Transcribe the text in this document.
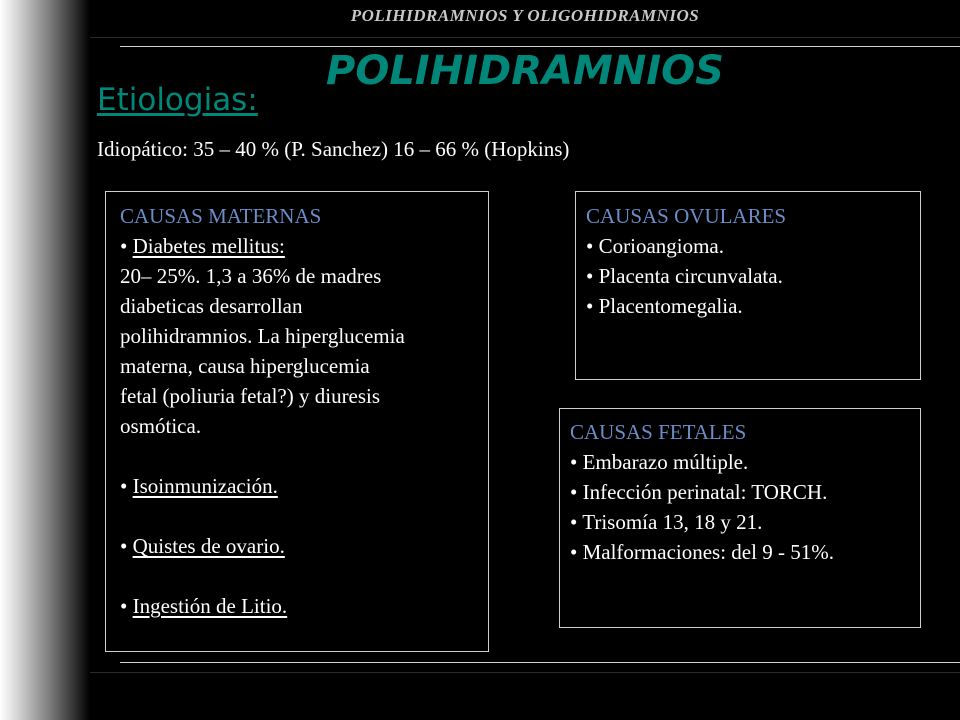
POLIHIDRAMNIOS Y OLIGOHIDRAMNIOS
POLIHIDRAMNIOS
Etiologias:
Idiopático: 35 – 40 % (P. Sanchez) 16 – 66 % (Hopkins)
CAUSAS MATERNAS
• Diabetes mellitus:
20– 25%. 1,3 a 36% de madres
diabeticas desarrollan
polihidramnios. La hiperglucemia
materna, causa hiperglucemia
fetal (poliuria fetal?) y diuresis
osmótica.
• Isoinmunización.
• Quistes de ovario.
• Ingestión de Litio.
CAUSAS OVULARES
• Corioangioma.
• Placenta circunvalata.
• Placentomegalia.
CAUSAS FETALES
• Embarazo múltiple.
• Infección perinatal: TORCH.
• Trisomía 13, 18 y 21.
• Malformaciones: del 9 - 51%.
